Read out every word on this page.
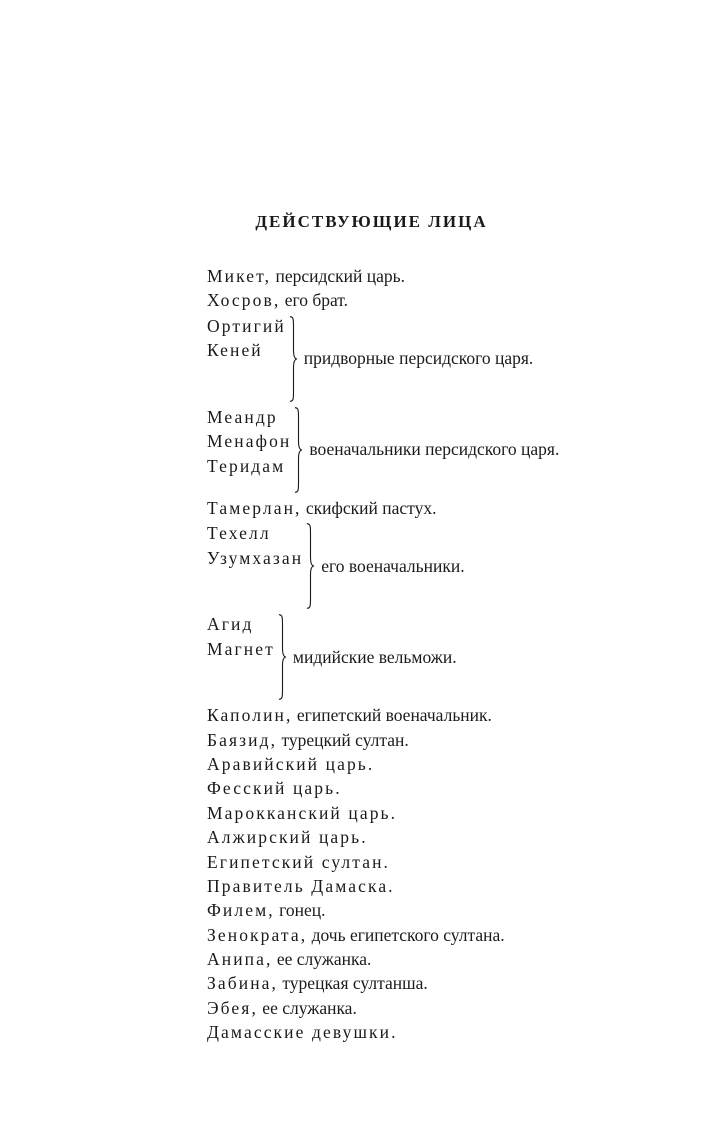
ДЕЙСТВУЮЩИЕ ЛИЦА
Микет, персидский царь.
Хосров, его брат.
Ортигий
Кеней	придворные персидского царя.
Меандр
Менафон
Теридам
военачальники персидского царя.
Тамерлан, скифский пастух.
Техелл
Узумхазан его военачальники.
Агид
Магнет мидийские вельможи.
Каполин, египетский военачальник.
Баязид, турецкий султан.
Аравийский царь.
Фесский царь.
Марокканский царь.
Алжирский царь.
Египетский султан.
Правитель Дамаска.
Филем, гонец.
Зенократа, дочь египетского султана.
Анипа, ее служанка.
Забина, турецкая султанша.
Эбея, ее служанка.
Дамасские девушки.
